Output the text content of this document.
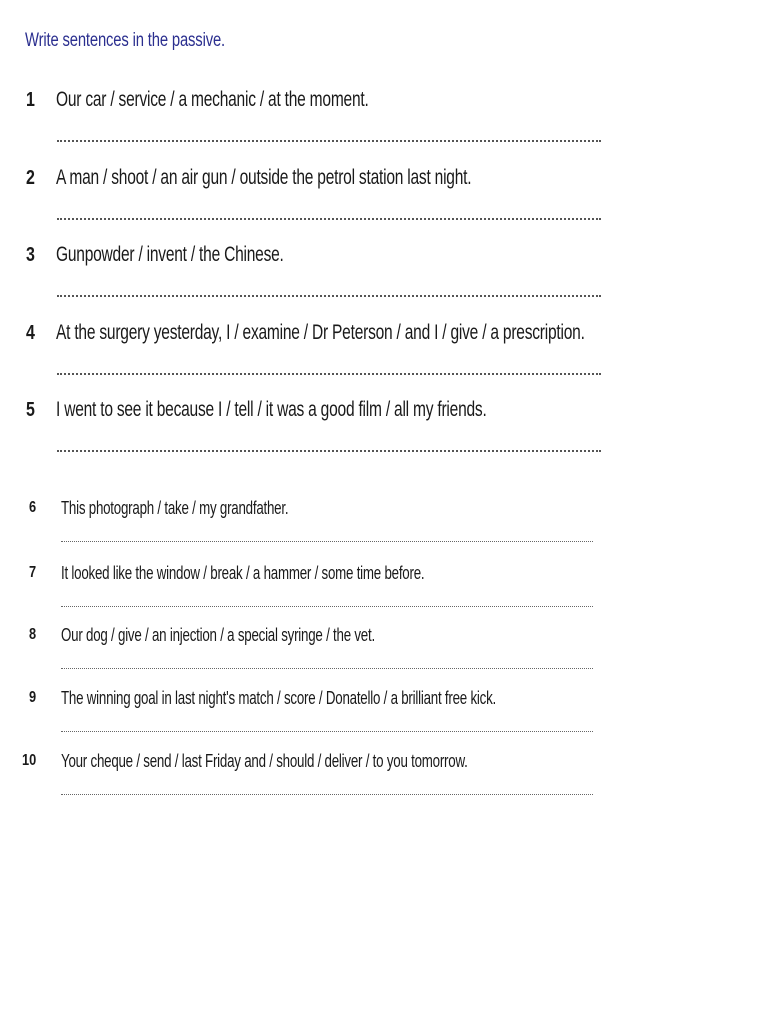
Write sentences in the passive.
1 Our car / service / a mechanic / at the moment.
2 A man / shoot / an air gun / outside the petrol station last night.
3 Gunpowder / invent / the Chinese.
4 At the surgery yesterday, I / examine / Dr Peterson / and I / give / a prescription.
5 I went to see it because I / tell / it was a good film / all my friends.
6 This photograph / take / my grandfather.
7 It looked like the window / break / a hammer / some time before.
8 Our dog / give / an injection / a special syringe / the vet.
9 The winning goal in last night's match / score / Donatello / a brilliant free kick.
10 Your cheque / send / last Friday and / should / deliver / to you tomorrow.
